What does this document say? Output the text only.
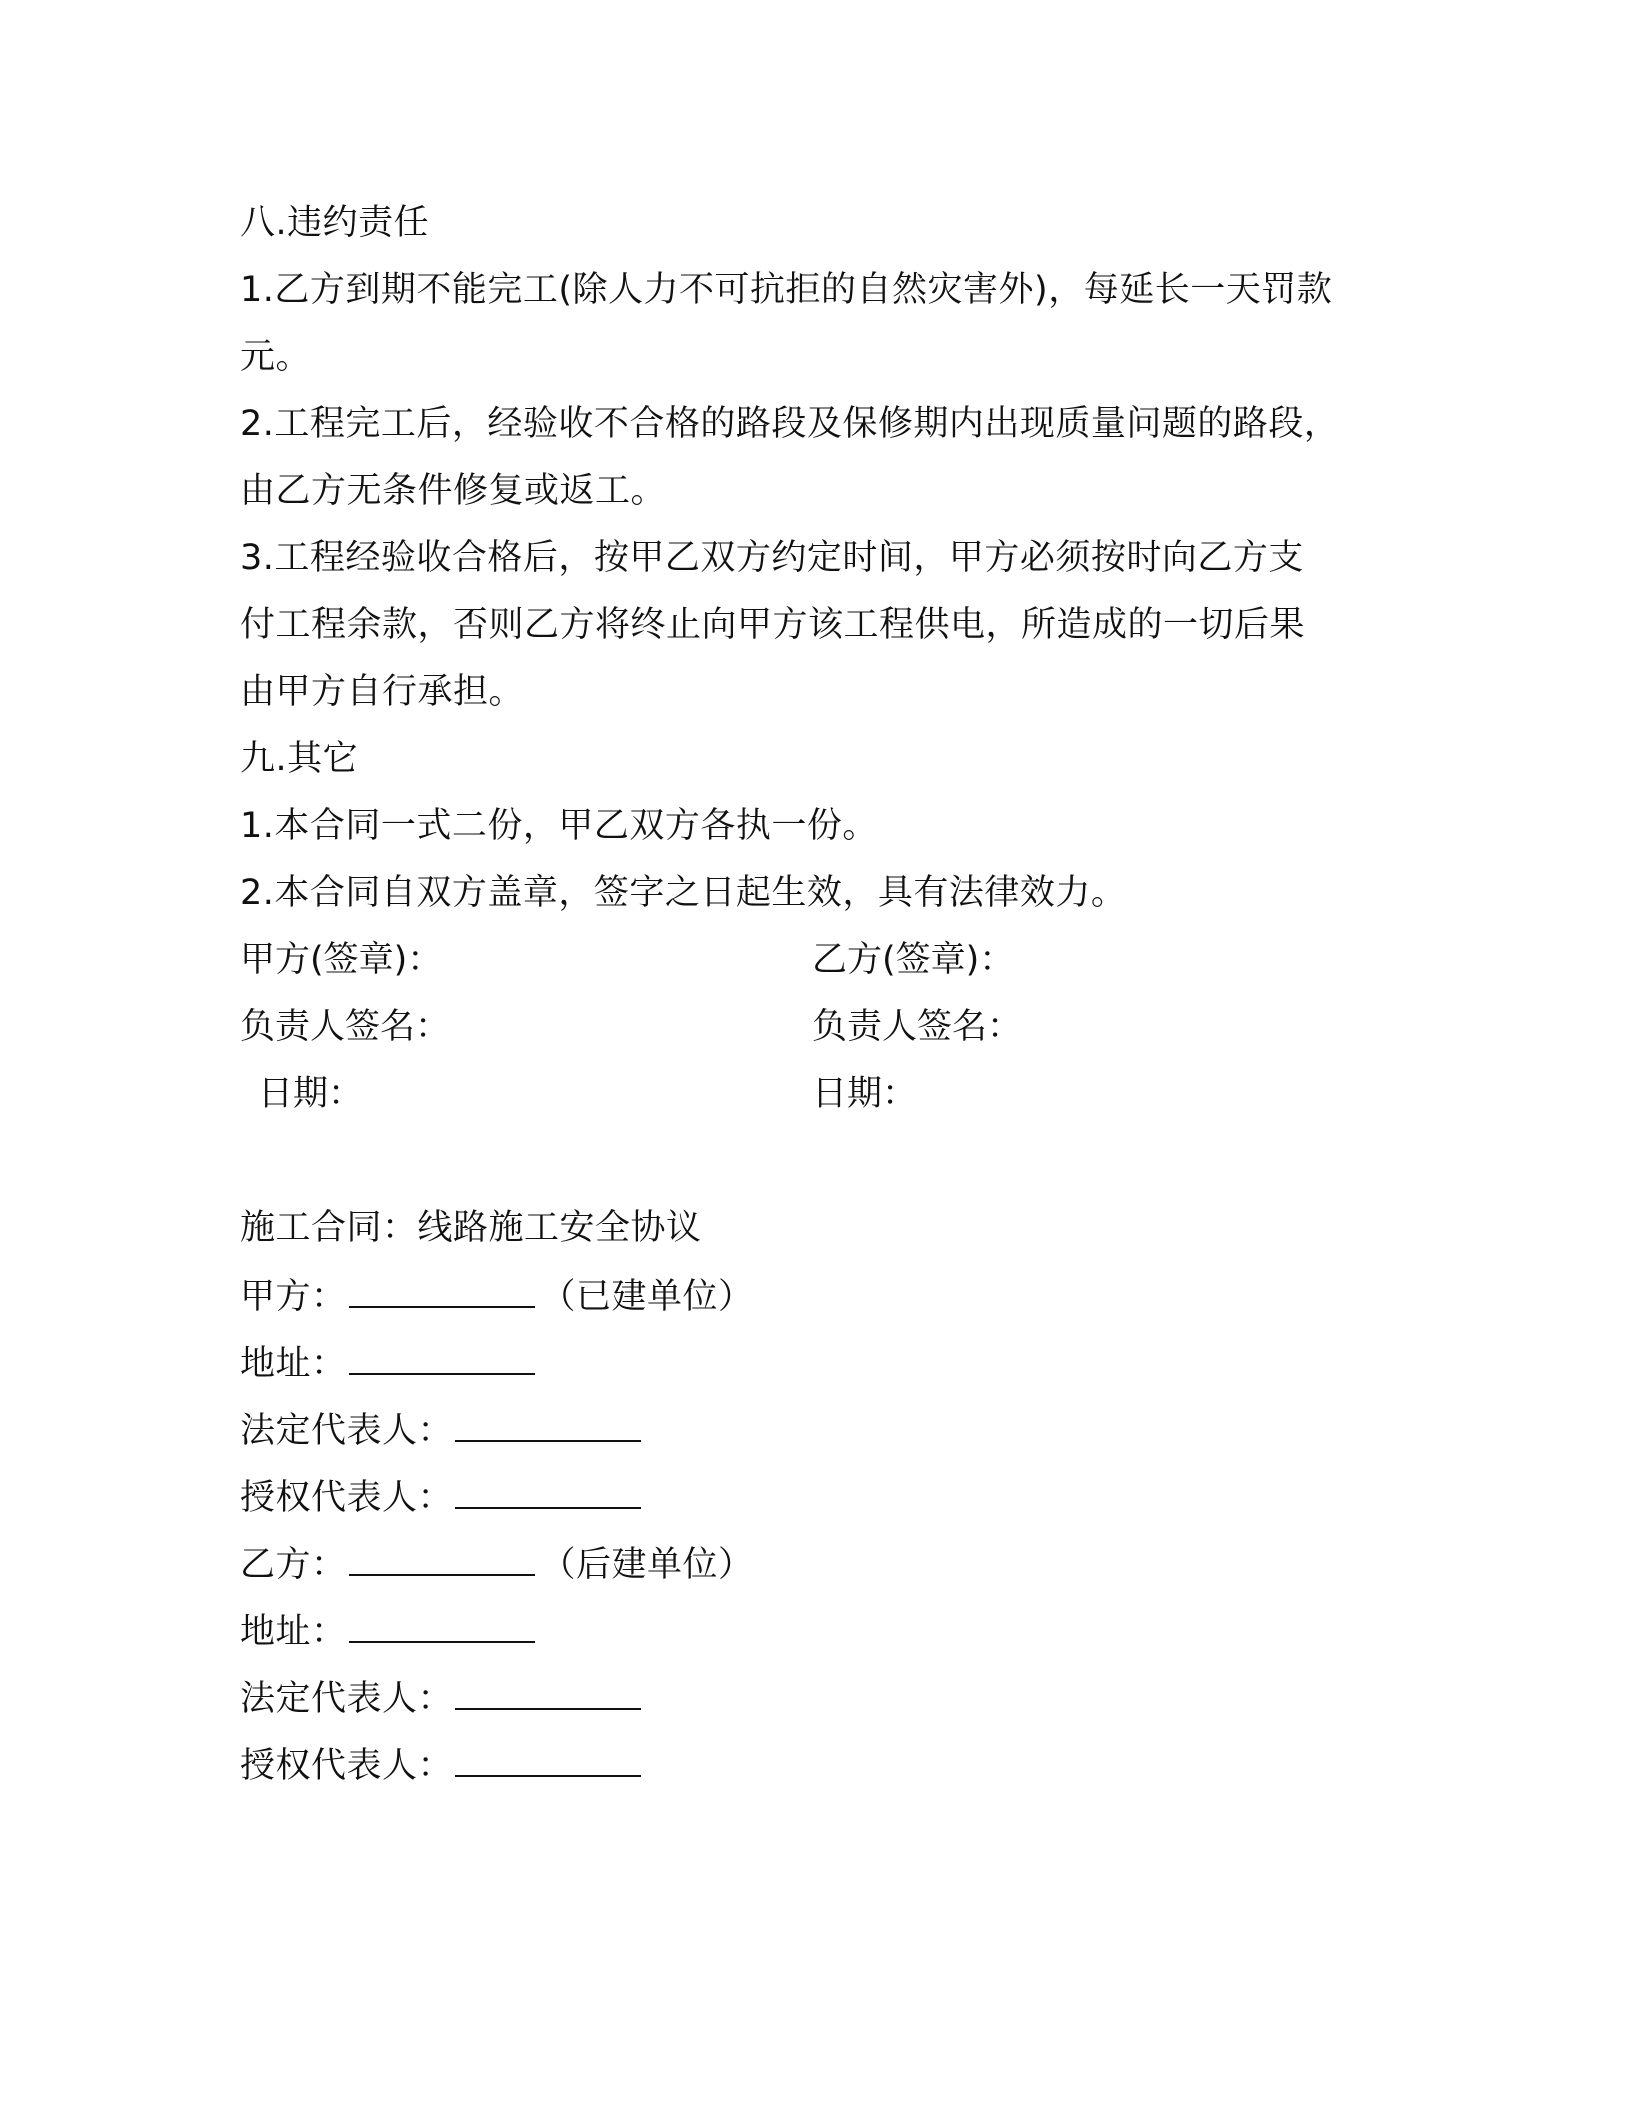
八.违约责任
1.乙方到期不能完工(除人力不可抗拒的自然灾害外)，每延长一天罚款
元。
2.工程完工后，经验收不合格的路段及保修期内出现质量问题的路段，
由乙方无条件修复或返工。
3.工程经验收合格后，按甲乙双方约定时间，甲方必须按时向乙方支
付工程余款，否则乙方将终止向甲方该工程供电，所造成的一切后果
由甲方自行承担。
九.其它
1.本合同一式二份，甲乙双方各执一份。
2.本合同自双方盖章，签字之日起生效，具有法律效力。
甲方(签章)：	乙方(签章)：
负责人签名：	负责人签名：
日期：	日期：
施工合同：线路施工安全协议
甲方：	（已建单位）
地址：
法定代表人：
授权代表人：
乙方：	（后建单位）
地址：
法定代表人：
授权代表人：
